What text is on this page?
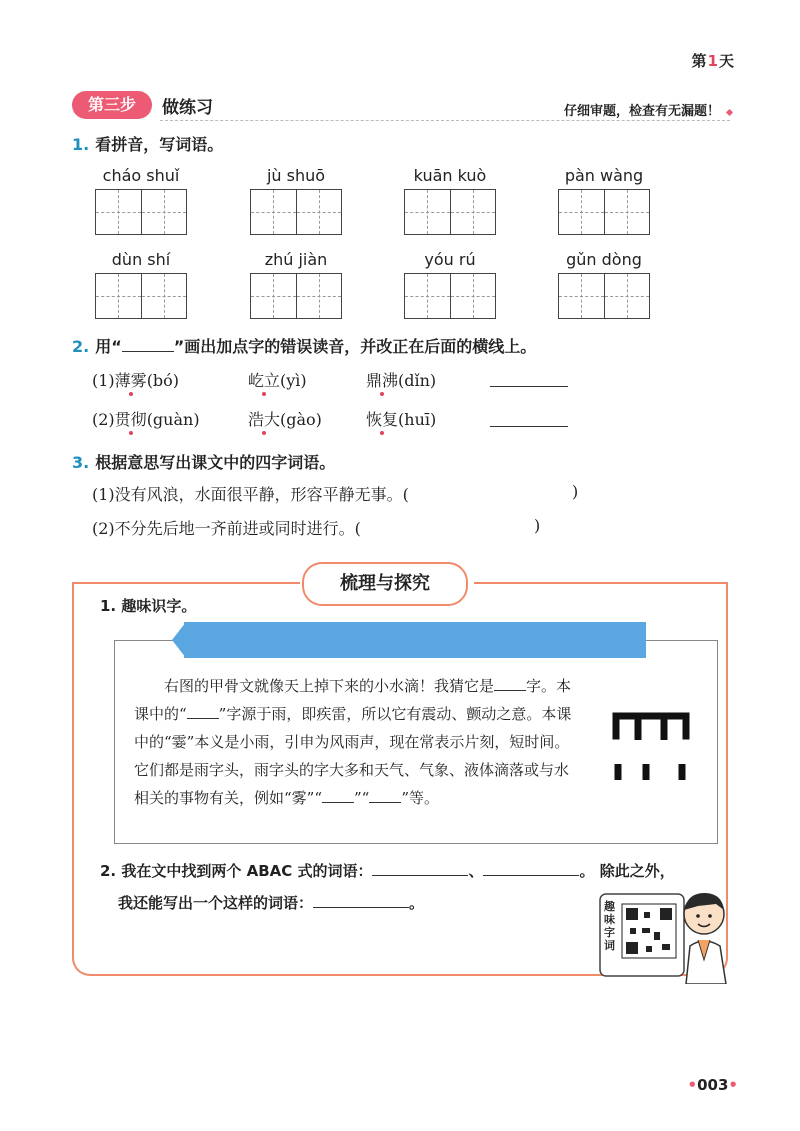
第1天
第三步	做练习	仔细审题，检查有无漏题！
1. 看拼音，写词语。
cháo shuǐ	jù shuō	kuān kuò	pàn wàng
dùn shí	zhú jiàn	yóu rú	gǔn dòng
2. 用“	”画出加点字的错误读音，并改正在后面的横线上。
(1)薄雾(bó)	屹立(yì)	鼎沸(dǐn)
(2)贯彻(guàn)	浩大(gào)	恢复(huī)
3. 根据意思写出课文中的四字词语。
(1)没有风浪，水面很平静，形容平静无事。(	)
(2)不分先后地一齐前进或同时进行。(	)
梳理与探究
1. 趣味识字。

右图的甲骨文就像天上掉下来的小水滴！我猜它是 字。本课中的“ ”字源于雨，即疾雷，所以它有震动、颤动之意。本课中的“霎”本义是小雨，引申为风雨声，现在常表示片刻，短时间。它们都是雨字头，雨字头的字大多和天气、气象、液体滴落或与水相关的事物有关，例如“雾”“ ”“ ”等。

2. 我在文中找到两个 ABAC 式的词语：	、	。 除此之外，
我还能写出一个这样的词语：	。	趣味字词
•003•
